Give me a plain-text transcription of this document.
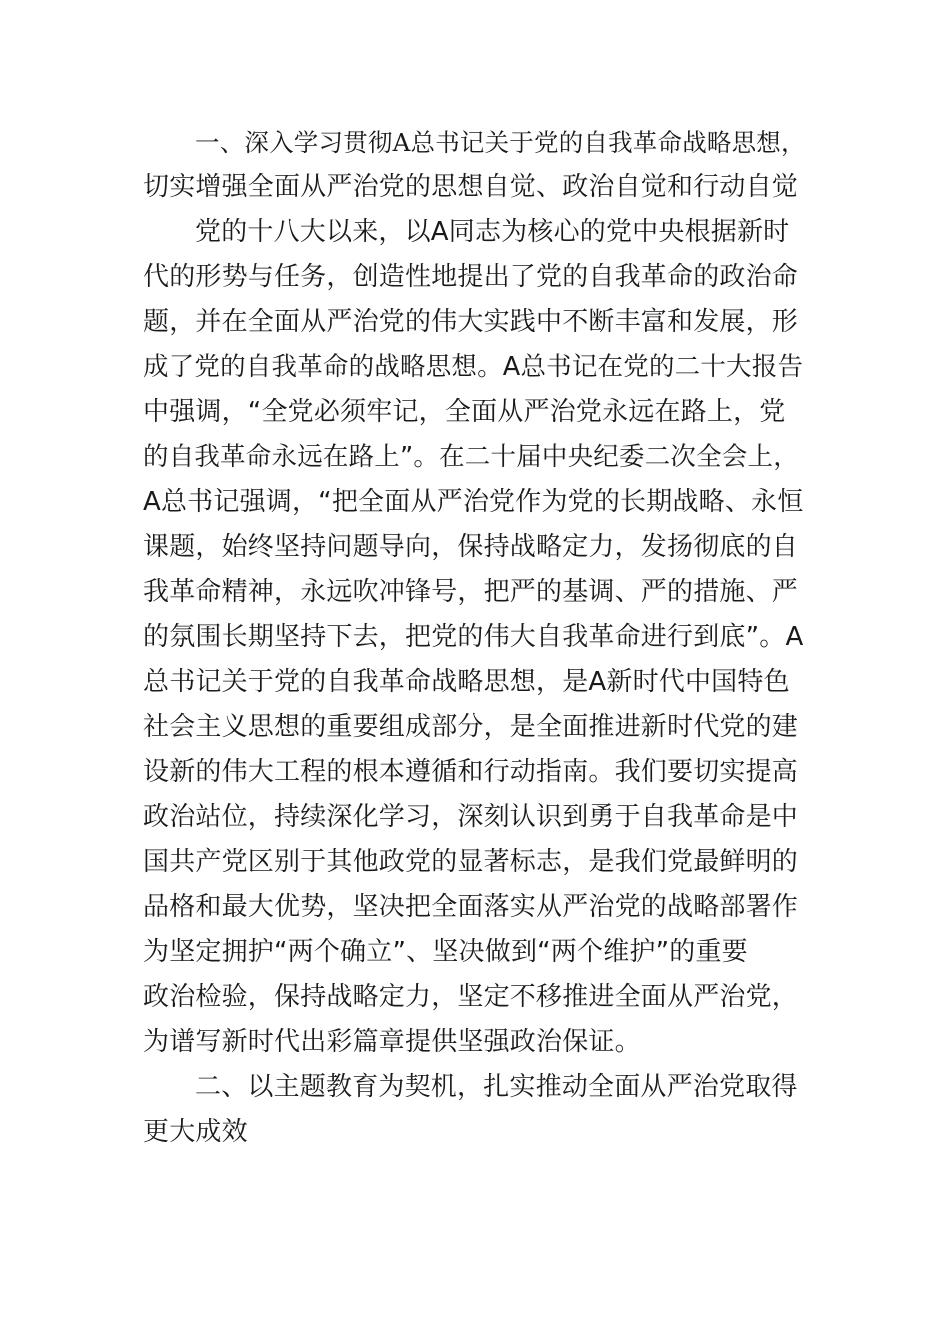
一、深入学习贯彻A总书记关于党的自我革命战略思想，

切实增强全面从严治党的思想自觉、政治自觉和行动自觉

党的十八大以来，以A同志为核心的党中央根据新时

代的形势与任务，创造性地提出了党的自我革命的政治命

题，并在全面从严治党的伟大实践中不断丰富和发展，形

成了党的自我革命的战略思想。A总书记在党的二十大报告

中强调，“全党必须牢记，全面从严治党永远在路上，党

的自我革命永远在路上”。在二十届中央纪委二次全会上，

A总书记强调，“把全面从严治党作为党的长期战略、永恒

课题，始终坚持问题导向，保持战略定力，发扬彻底的自

我革命精神，永远吹冲锋号，把严的基调、严的措施、严

的氛围长期坚持下去，把党的伟大自我革命进行到底”。A

总书记关于党的自我革命战略思想，是A新时代中国特色

社会主义思想的重要组成部分，是全面推进新时代党的建

设新的伟大工程的根本遵循和行动指南。我们要切实提高

政治站位，持续深化学习，深刻认识到勇于自我革命是中

国共产党区别于其他政党的显著标志，是我们党最鲜明的

品格和最大优势，坚决把全面落实从严治党的战略部署作

为坚定拥护“两个确立”、坚决做到“两个维护”的重要

政治检验，保持战略定力，坚定不移推进全面从严治党，

为谱写新时代出彩篇章提供坚强政治保证。

二、以主题教育为契机，扎实推动全面从严治党取得

更大成效
